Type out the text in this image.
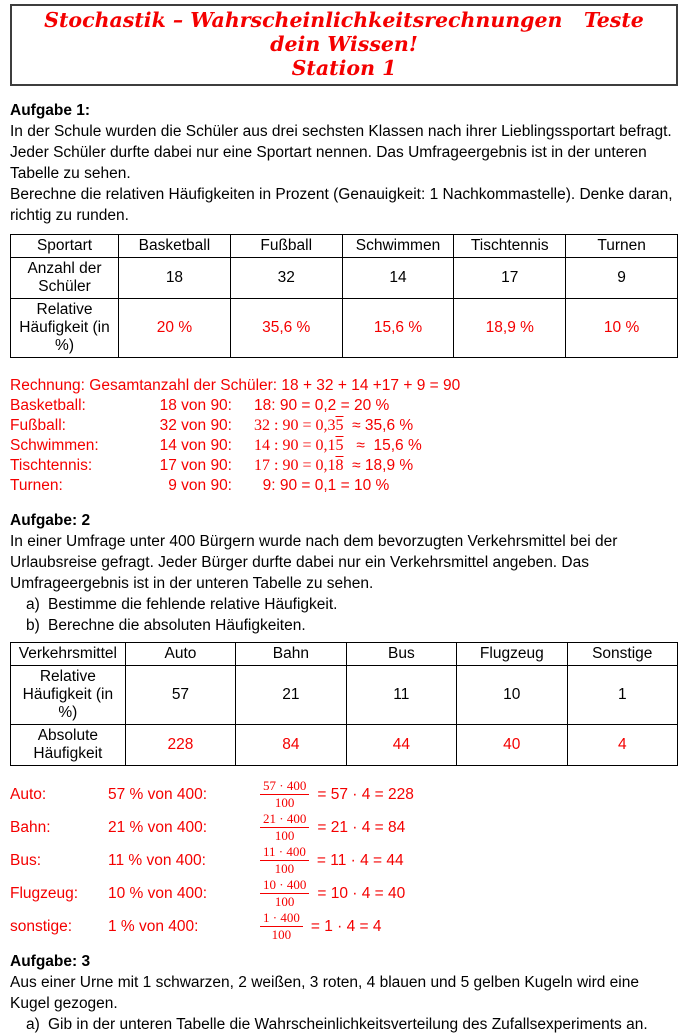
Stochastik – Wahrscheinlichkeitsrechnungen   Teste dein Wissen!
Station 1
Aufgabe 1:
In der Schule wurden die Schüler aus drei sechsten Klassen nach ihrer Lieblingssportart befragt. Jeder Schüler durfte dabei nur eine Sportart nennen. Das Umfrageergebnis ist in der unteren Tabelle zu sehen.
Berechne die relativen Häufigkeiten in Prozent (Genauigkeit: 1 Nachkommastelle). Denke daran, richtig zu runden.
Sportart	Basketball	Fußball	Schwimmen	Tischtennis	Turnen
Anzahl der Schüler	18	32	14	17	9
Relative Häufigkeit (in %)	20 %	35,6 %	15,6 %	18,9 %	10 %
Rechnung: Gesamtanzahl der Schüler: 18 + 32 + 14 +17 + 9 = 90
Basketball:	18 von 90: 18: 90 = 0,2 = 20 %
Fußball:	32 von 90: 32 : 90 = 0,35  ≈ 35,6 %
Schwimmen:	14 von 90: 14 : 90 = 0,15   ≈  15,6 %
Tischtennis:	17 von 90: 17 : 90 = 0,18  ≈ 18,9 %
Turnen:	9 von 90: 9: 90 = 0,1 = 10 %
Aufgabe: 2
In einer Umfrage unter 400 Bürgern wurde nach dem bevorzugten Verkehrsmittel bei der Urlaubsreise gefragt. Jeder Bürger durfte dabei nur ein Verkehrsmittel angeben. Das Umfrageergebnis ist in der unteren Tabelle zu sehen.
a) Bestimme die fehlende relative Häufigkeit.
b) Berechne die absoluten Häufigkeiten.
Verkehrsmittel	Auto	Bahn	Bus	Flugzeug	Sonstige
Relative Häufigkeit (in %)	57	21	11	10	1
Absolute Häufigkeit	228	84	44	40	4
Auto:	57 % von 400:	$\frac{57 \cdot 400}{100} = 57 \cdot 4 = 228$
Bahn:	21 % von 400:	$\frac{21 \cdot 400}{100} = 21 \cdot 4 = 84$
Bus:	11 % von 400:	$\frac{11 \cdot 400}{100} = 11 \cdot 4 = 44$
Flugzeug:	10 % von 400:	$\frac{10 \cdot 400}{100} = 10 \cdot 4 = 40$
sonstige:	1 % von 400:	$\frac{1 \cdot 400}{100} = 1 \cdot 4 = 4$
Aufgabe: 3
Aus einer Urne mit 1 schwarzen, 2 weißen, 3 roten, 4 blauen und 5 gelben Kugeln wird eine Kugel gezogen.
a) Gib in der unteren Tabelle die Wahrscheinlichkeitsverteilung des Zufallsexperiments an.
